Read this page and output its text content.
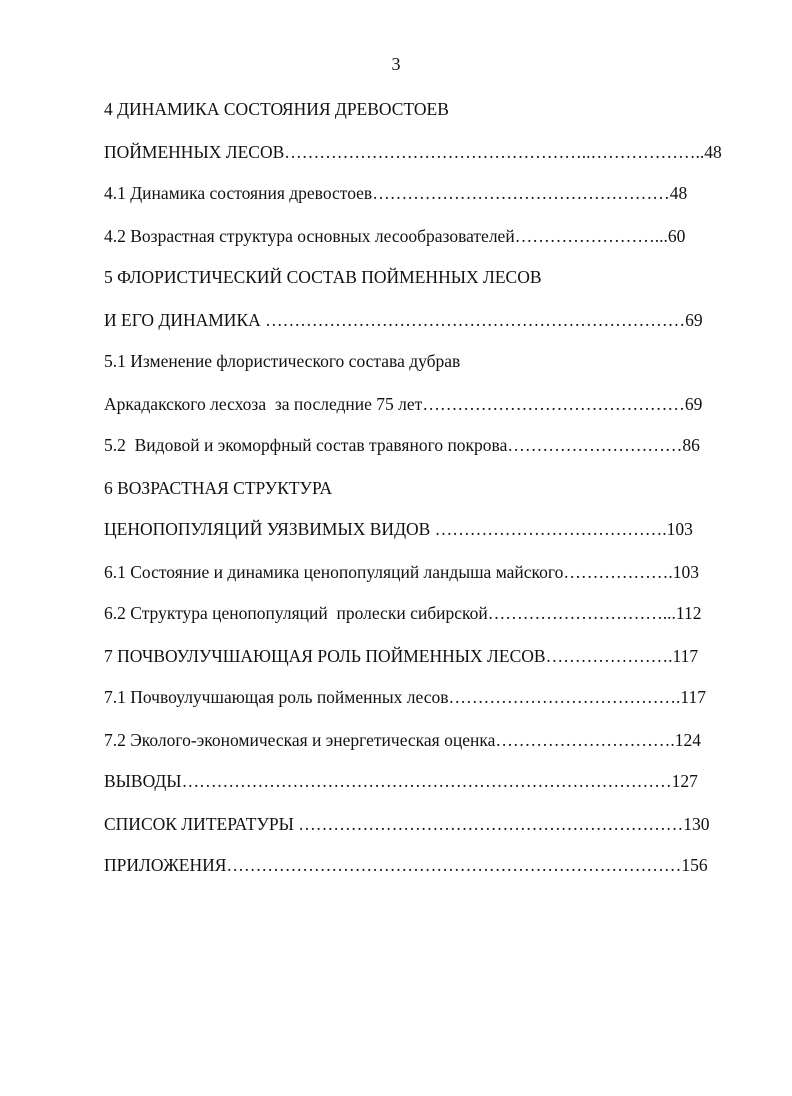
3
4 ДИНАМИКА СОСТОЯНИЯ ДРЕВОСТОЕВ
ПОЙМЕННЫХ ЛЕСОВ……………………………………………..………………..48
4.1 Динамика состояния древостоев……………………………………………48
4.2 Возрастная структура основных лесообразователей……………………...60
5 ФЛОРИСТИЧЕСКИЙ СОСТАВ ПОЙМЕННЫХ ЛЕСОВ
И ЕГО ДИНАМИКА ………………………………………………………………69
5.1 Изменение флористического состава дубрав
Аркадакского лесхоза  за последние 75 лет………………………………………69
5.2  Видовой и экоморфный состав травяного покрова…………………………86
6 ВОЗРАСТНАЯ СТРУКТУРА
ЦЕНОПОПУЛЯЦИЙ УЯЗВИМЫХ ВИДОВ ………………………………….103
6.1 Состояние и динамика ценопопуляций ландыша майского……………….103
6.2 Структура ценопопуляций  пролески сибирской…………………………...112
7 ПОЧВОУЛУЧШАЮЩАЯ РОЛЬ ПОЙМЕННЫХ ЛЕСОВ………………….117
7.1 Почвоулучшающая роль пойменных лесов………………………………….117
7.2 Эколого-экономическая и энергетическая оценка………………………….124
ВЫВОДЫ…………………………………………………………………………127
СПИСОК ЛИТЕРАТУРЫ …………………………………………………………130
ПРИЛОЖЕНИЯ……………………………………………………………………156
